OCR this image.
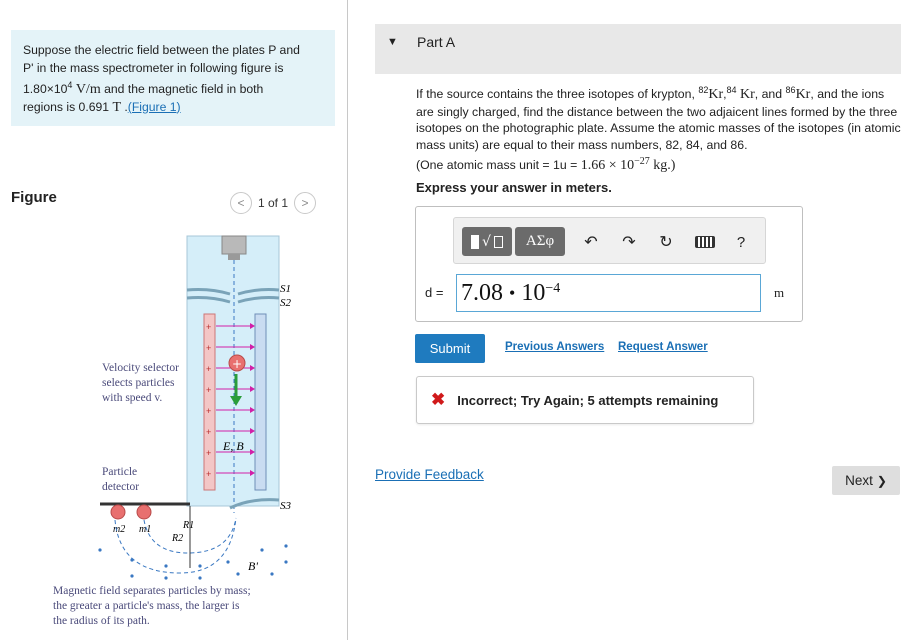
Suppose the electric field between the plates P and
P' in the mass spectrometer in following figure is
$1.80\times 10^4$ V/m and the magnetic field in both
regions is 0.691 T .(Figure 1)
Figure	< 1 of 1 >
S1
S2
+
+
+
+
+
+
+
+
+
E, B
S3
m2 m1	R1
R2
B'
Velocity selector
selects particles
with speed v.
Particle
detector
Magnetic field separates particles by mass;
the greater a particle's mass, the larger is
the radius of its path.
▼ Part A
If the source contains the three isotopes of krypton, $^{82}$Kr,$^{84}$ Kr, and $^{86}$Kr, and the ions are singly charged, find the distance between the two adjaicent lines formed by the three isotopes on the photographic plate. Assume the atomic masses of the isotopes (in atomic mass units) are equal to their mass numbers, 82, 84, and 86.
(One atomic mass unit = $1u = 1.66 \times 10^{-27}$ kg.)
Express your answer in meters.
√	ΑΣφ	↶ ↷ ↻	?
d = 7.08 • $10^{-4}$	m
Submit	Previous Answers Request Answer
✖ Incorrect; Try Again; 5 attempts remaining
Provide Feedback	Next ❯
